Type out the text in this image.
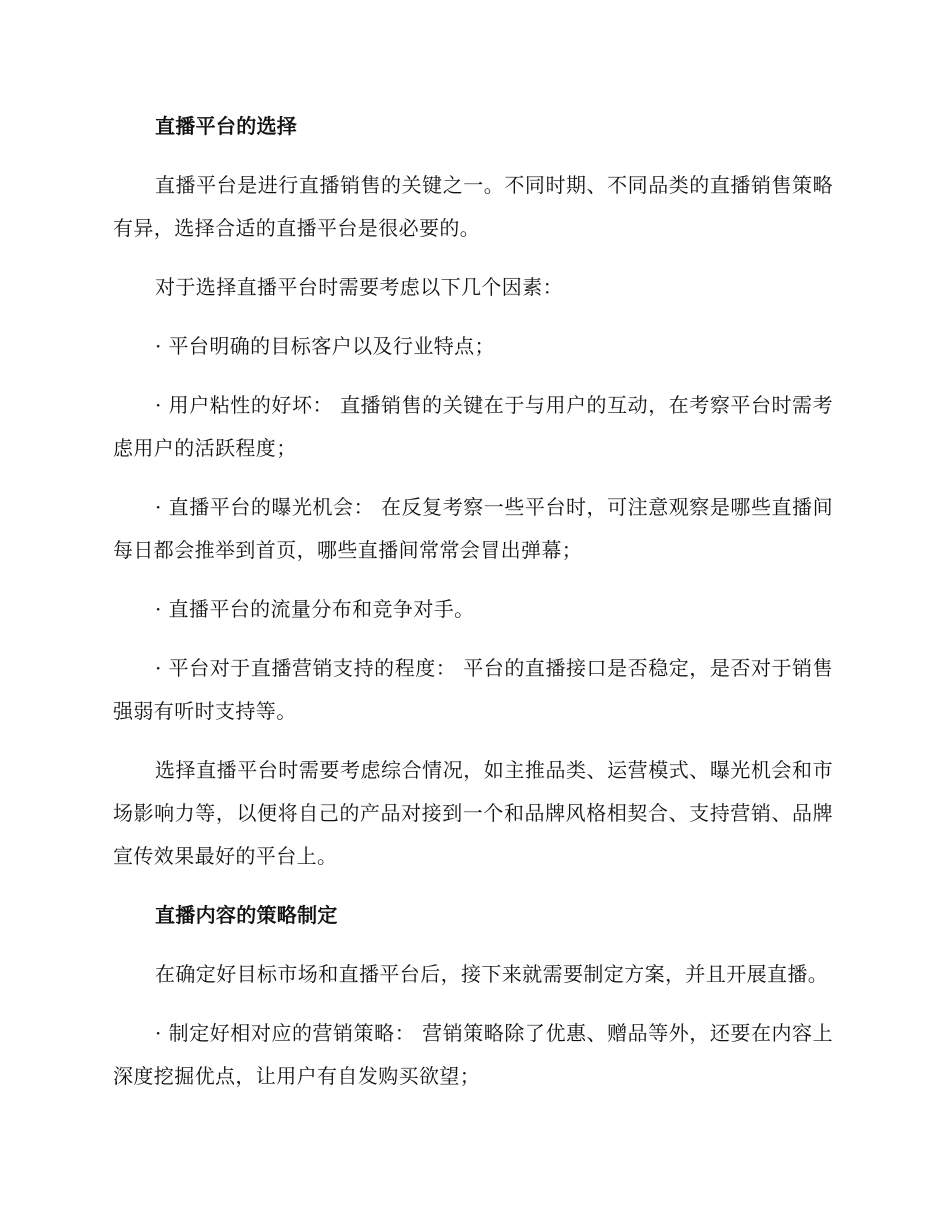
直播平台的选择

直播平台是进行直播销售的关键之一。不同时期、不同品类的直播销售策略有异，选择合适的直播平台是很必要的。

对于选择直播平台时需要考虑以下几个因素：

· 平台明确的目标客户以及行业特点；

· 用户粘性的好坏： 直播销售的关键在于与用户的互动，在考察平台时需考虑用户的活跃程度；

· 直播平台的曝光机会： 在反复考察一些平台时，可注意观察是哪些直播间每日都会推举到首页，哪些直播间常常会冒出弹幕；

· 直播平台的流量分布和竞争对手。

· 平台对于直播营销支持的程度： 平台的直播接口是否稳定，是否对于销售强弱有听时支持等。

选择直播平台时需要考虑综合情况，如主推品类、运营模式、曝光机会和市场影响力等，以便将自己的产品对接到一个和品牌风格相契合、支持营销、品牌宣传效果最好的平台上。

直播内容的策略制定

在确定好目标市场和直播平台后，接下来就需要制定方案，并且开展直播。

· 制定好相对应的营销策略： 营销策略除了优惠、赠品等外，还要在内容上深度挖掘优点，让用户有自发购买欲望；
